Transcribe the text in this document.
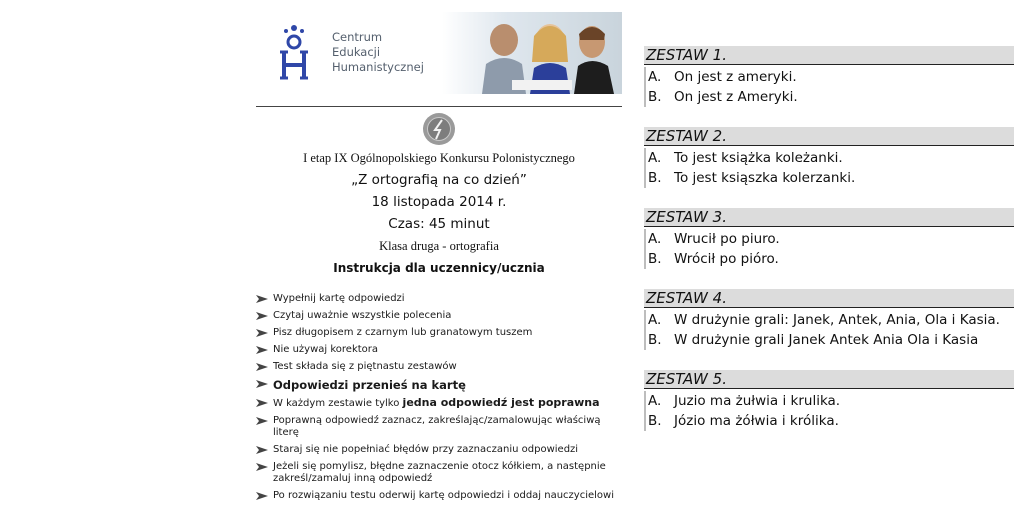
Centrum
Edukacji
Humanistycznej
I etap IX Ogólnopolskiego Konkursu Polonistycznego
„Z ortografią na co dzień”
18 listopada 2014 r.
Czas: 45 minut
Klasa druga - ortografia
Instrukcja dla uczennicy/ucznia
Wypełnij kartę odpowiedzi
Czytaj uważnie wszystkie polecenia
Pisz długopisem z czarnym lub granatowym tuszem
Nie używaj korektora
Test składa się z piętnastu zestawów
Odpowiedzi przenieś na kartę
W każdym zestawie tylko jedna odpowiedź jest poprawna
Poprawną odpowiedź zaznacz, zakreślając/zamalowując właściwą literę
Staraj się nie popełniać błędów przy zaznaczaniu odpowiedzi
Jeżeli się pomylisz, błędne zaznaczenie otocz kółkiem, a następnie zakreśl/zamaluj inną odpowiedź
Po rozwiązaniu testu oderwij kartę odpowiedzi i oddaj nauczycielowi
ZESTAW 1.
A. On jest z ameryki.
B. On jest z Ameryki.
ZESTAW 2.
A. To jest książka koleżanki.
B. To jest ksiąszka kolerzanki.
ZESTAW 3.
A. Wrucił po piuro.
B. Wrócił po pióro.
ZESTAW 4.
A. W drużynie grali: Janek, Antek, Ania, Ola i Kasia.
B. W drużynie grali Janek Antek Ania Ola i Kasia
ZESTAW 5.
A. Juzio ma żułwia i krulika.
B. Józio ma żółwia i królika.
